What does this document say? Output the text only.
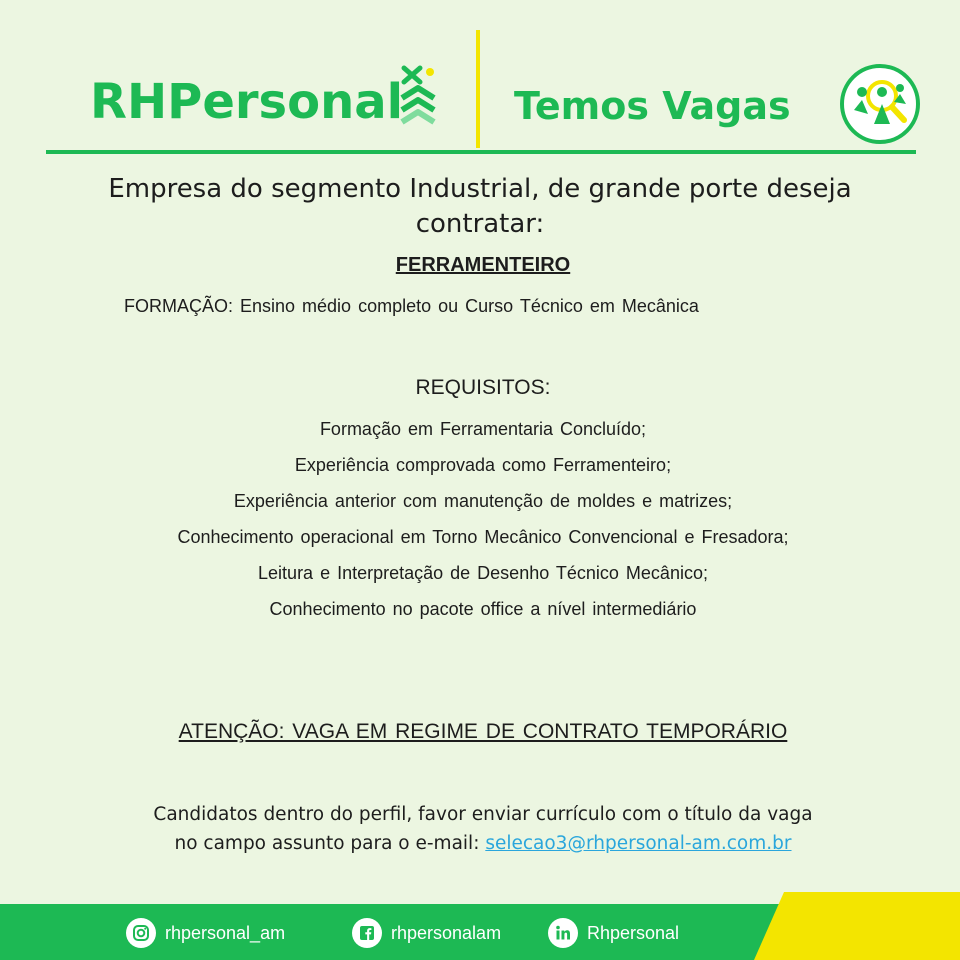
RHPersonal	Temos Vagas
Empresa do segmento Industrial, de grande porte deseja contratar:
FERRAMENTEIRO
FORMAÇÃO: Ensino médio completo ou Curso Técnico em Mecânica
REQUISITOS:
Formação em Ferramentaria Concluído;
Experiência comprovada como Ferramenteiro;
Experiência anterior com manutenção de moldes e matrizes;
Conhecimento operacional em Torno Mecânico Convencional e Fresadora;
Leitura e Interpretação de Desenho Técnico Mecânico;
Conhecimento no pacote office a nível intermediário
ATENÇÃO: VAGA EM REGIME DE CONTRATO TEMPORÁRIO
Candidatos dentro do perfil, favor enviar currículo com o título da vaga
no campo assunto para o e-mail: selecao3@rhpersonal-am.com.br
rhpersonal_am	rhpersonalam	Rhpersonal
